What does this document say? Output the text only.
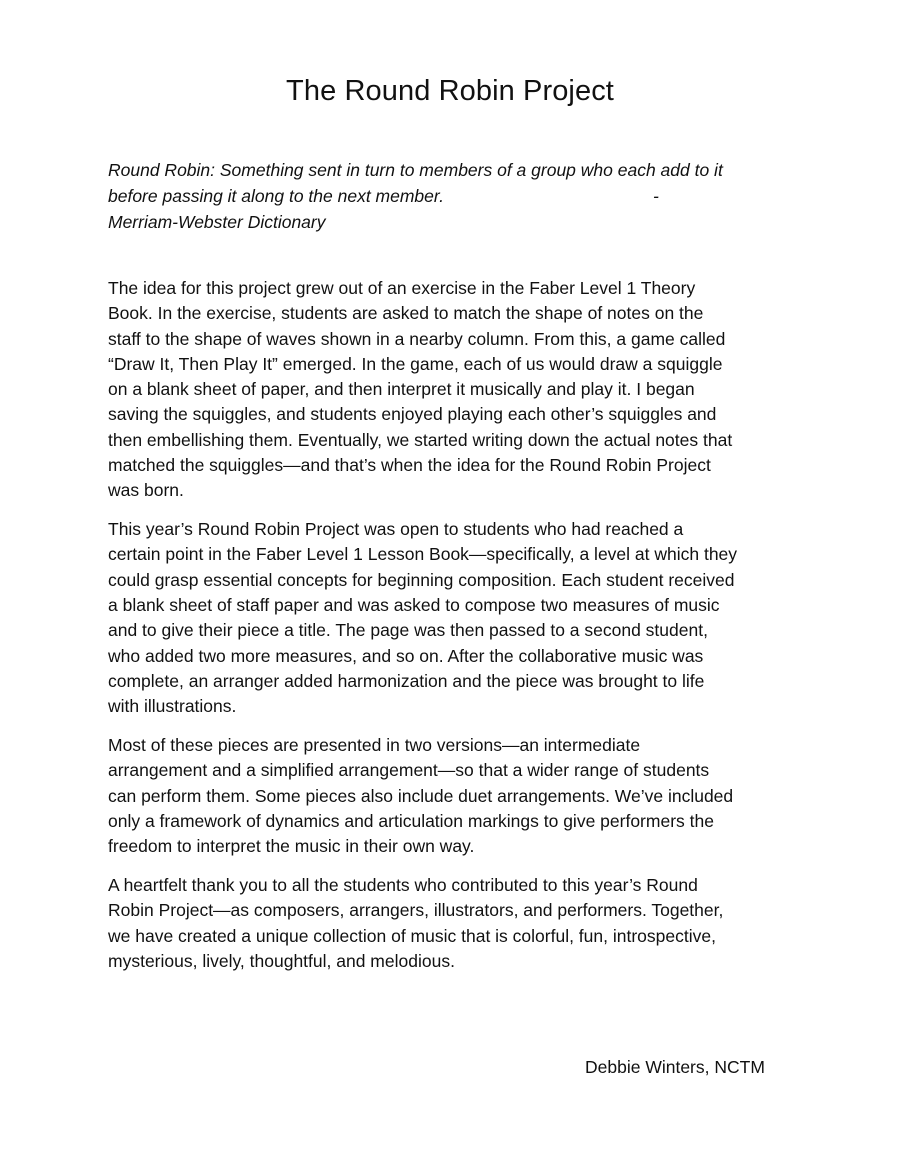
The Round Robin Project
Round Robin: Something sent in turn to members of a group who each add to it
before passing it along to the next member.	-
Merriam-Webster Dictionary

The idea for this project grew out of an exercise in the Faber Level 1 Theory
Book. In the exercise, students are asked to match the shape of notes on the
staff to the shape of waves shown in a nearby column. From this, a game called
“Draw It, Then Play It” emerged. In the game, each of us would draw a squiggle
on a blank sheet of paper, and then interpret it musically and play it. I began
saving the squiggles, and students enjoyed playing each other’s squiggles and
then embellishing them. Eventually, we started writing down the actual notes that
matched the squiggles—and that’s when the idea for the Round Robin Project
was born.

This year’s Round Robin Project was open to students who had reached a
certain point in the Faber Level 1 Lesson Book—specifically, a level at which they
could grasp essential concepts for beginning composition. Each student received
a blank sheet of staff paper and was asked to compose two measures of music
and to give their piece a title. The page was then passed to a second student,
who added two more measures, and so on. After the collaborative music was
complete, an arranger added harmonization and the piece was brought to life
with illustrations.

Most of these pieces are presented in two versions—an intermediate
arrangement and a simplified arrangement—so that a wider range of students
can perform them. Some pieces also include duet arrangements. We’ve included
only a framework of dynamics and articulation markings to give performers the
freedom to interpret the music in their own way.

A heartfelt thank you to all the students who contributed to this year’s Round
Robin Project—as composers, arrangers, illustrators, and performers. Together,
we have created a unique collection of music that is colorful, fun, introspective,
mysterious, lively, thoughtful, and melodious.

Debbie Winters, NCTM
